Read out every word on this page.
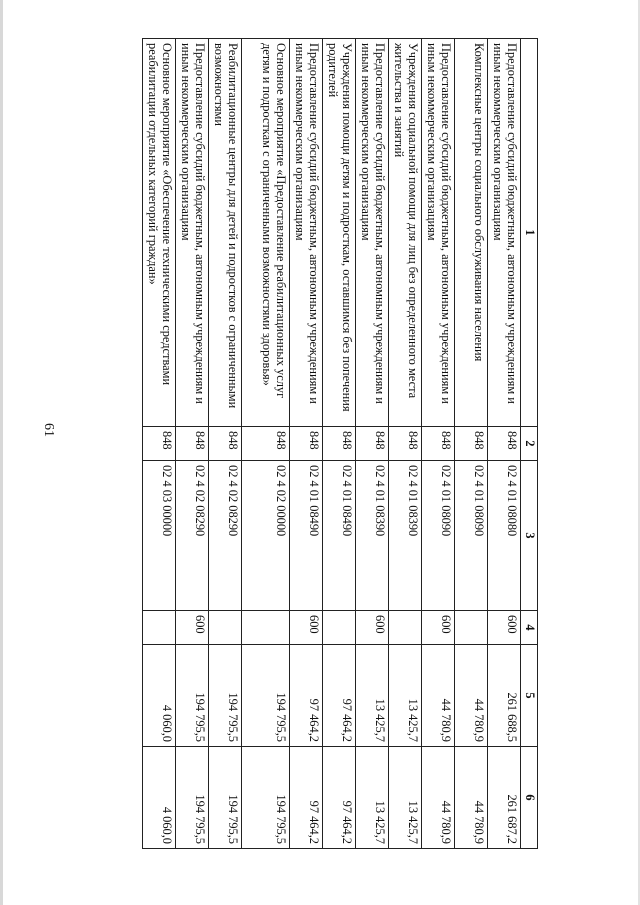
61
1	2	3	4	5	6
Предоставление субсидий бюджетным, автономным учреждениям и иным некоммерческим организациям	848	02 4 01 08080	600	261 688,5	261 687,2
Комплексные центры социального обслуживания населения	848	02 4 01 08090		44 780,9	44 780,9
Предоставление субсидий бюджетным, автономным учреждениям и иным некоммерческим организациям	848	02 4 01 08090	600	44 780,9	44 780,9
Учреждения социальной помощи для лиц без определенного места жительства и занятий	848	02 4 01 08390		13 425,7	13 425,7
Предоставление субсидий бюджетным, автономным учреждениям и иным некоммерческим организациям	848	02 4 01 08390	600	13 425,7	13 425,7
Учреждения помощи детям и подросткам, оставшимся без попечения родителей	848	02 4 01 08490		97 464,2	97 464,2
Предоставление субсидий бюджетным, автономным учреждениям и иным некоммерческим организациям	848	02 4 01 08490	600	97 464,2	97 464,2
Основное мероприятие «Предоставление реабилитационных услуг детям и подросткам с ограниченными возможностями здоровья»	848	02 4 02 00000		194 795,5	194 795,5
Реабилитационные центры для детей и подростков с ограниченными возможностями	848	02 4 02 08290		194 795,5	194 795,5
Предоставление субсидий бюджетным, автономным учреждениям и иным некоммерческим организациям	848	02 4 02 08290	600	194 795,5	194 795,5
Основное мероприятие «Обеспечение техническими средствами реабилитации отдельных категорий граждан»	848	02 4 03 00000		4 060,0	4 060,0
